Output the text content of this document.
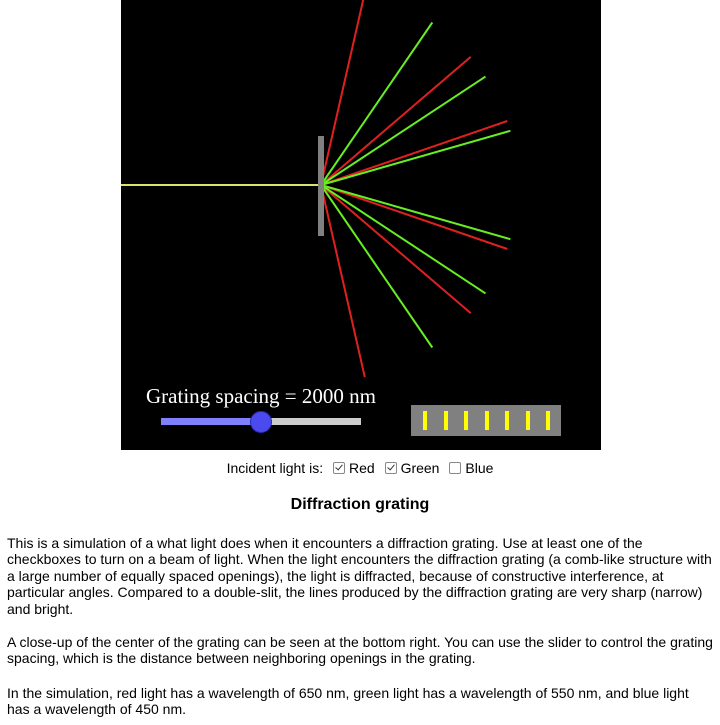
Grating spacing = 2000 nm
Incident light is: Red Green Blue
Diffraction grating

This is a simulation of a what light does when it encounters a diffraction grating. Use at least one of the checkboxes to turn on a beam of light. When the light encounters the diffraction grating (a comb-like structure with a large number of equally spaced openings), the light is diffracted, because of constructive interference, at particular angles. Compared to a double-slit, the lines produced by the diffraction grating are very sharp (narrow) and bright.

A close-up of the center of the grating can be seen at the bottom right. You can use the slider to control the grating spacing, which is the distance between neighboring openings in the grating.

In the simulation, red light has a wavelength of 650 nm, green light has a wavelength of 550 nm, and blue light has a wavelength of 450 nm.
